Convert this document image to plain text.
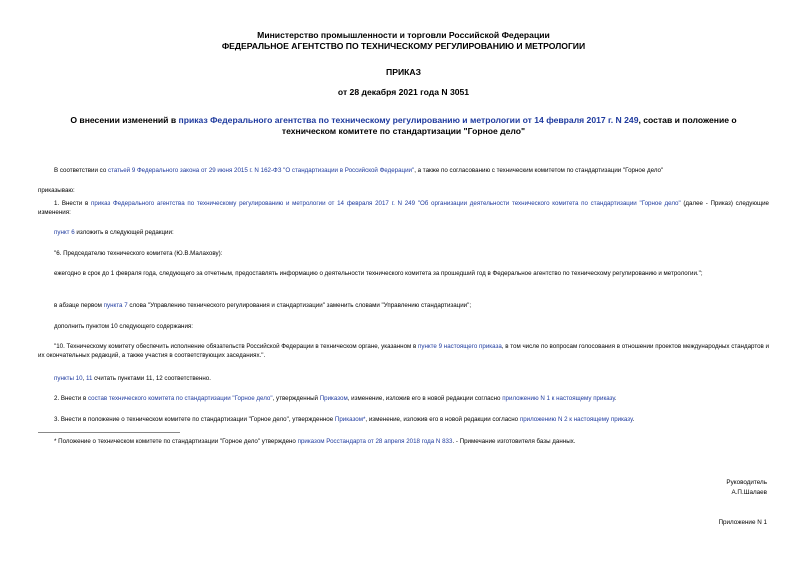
Министерство промышленности и торговли Российской Федерации
ФЕДЕРАЛЬНОЕ АГЕНТСТВО ПО ТЕХНИЧЕСКОМУ РЕГУЛИРОВАНИЮ И МЕТРОЛОГИИ
ПРИКАЗ
от 28 декабря 2021 года N 3051
О внесении изменений в приказ Федерального агентства по техническому регулированию и метрологии от 14 февраля 2017 г. N 249, состав и положение о техническом комитете по стандартизации "Горное дело"
В соответствии со статьей 9 Федерального закона от 29 июня 2015 г. N 162-ФЗ "О стандартизации в Российской Федерации", а также по согласованию с техническим комитетом по стандартизации "Горное дело"
приказываю:
1. Внести в приказ Федерального агентства по техническому регулированию и метрологии от 14 февраля 2017 г. N 249 "Об организации деятельности технического комитета по стандартизации "Горное дело" (далее - Приказ) следующие изменения:
пункт 6 изложить в следующей редакции:
"6. Председателю технического комитета (Ю.В.Малахову):
ежегодно в срок до 1 февраля года, следующего за отчетным, предоставлять информацию о деятельности технического комитета за прошедший год в Федеральное агентство по техническому регулированию и метрологии.";
в абзаце первом пункта 7 слова "Управлению технического регулирования и стандартизации" заменить словами "Управлению стандартизации";
дополнить пунктом 10 следующего содержания:
"10. Техническому комитету обеспечить исполнение обязательств Российской Федерации в техническом органе, указанном в пункте 9 настоящего приказа, в том числе по вопросам голосования в отношении проектов международных стандартов и их окончательных редакций, а также участия в соответствующих заседаниях.".
пункты 10, 11 считать пунктами 11, 12 соответственно.
2. Внести в состав технического комитета по стандартизации "Горное дело", утвержденный Приказом, изменение, изложив его в новой редакции согласно приложению N 1 к настоящему приказу.
3. Внести в положение о техническом комитете по стандартизации "Горное дело", утвержденное Приказом*, изменение, изложив его в новой редакции согласно приложению N 2 к настоящему приказу.
* Положение о техническом комитете по стандартизации "Горное дело" утверждено приказом Росстандарта от 28 апреля 2018 года N 833. - Примечание изготовителя базы данных.
Руководитель
А.П.Шалаев
Приложение N 1
